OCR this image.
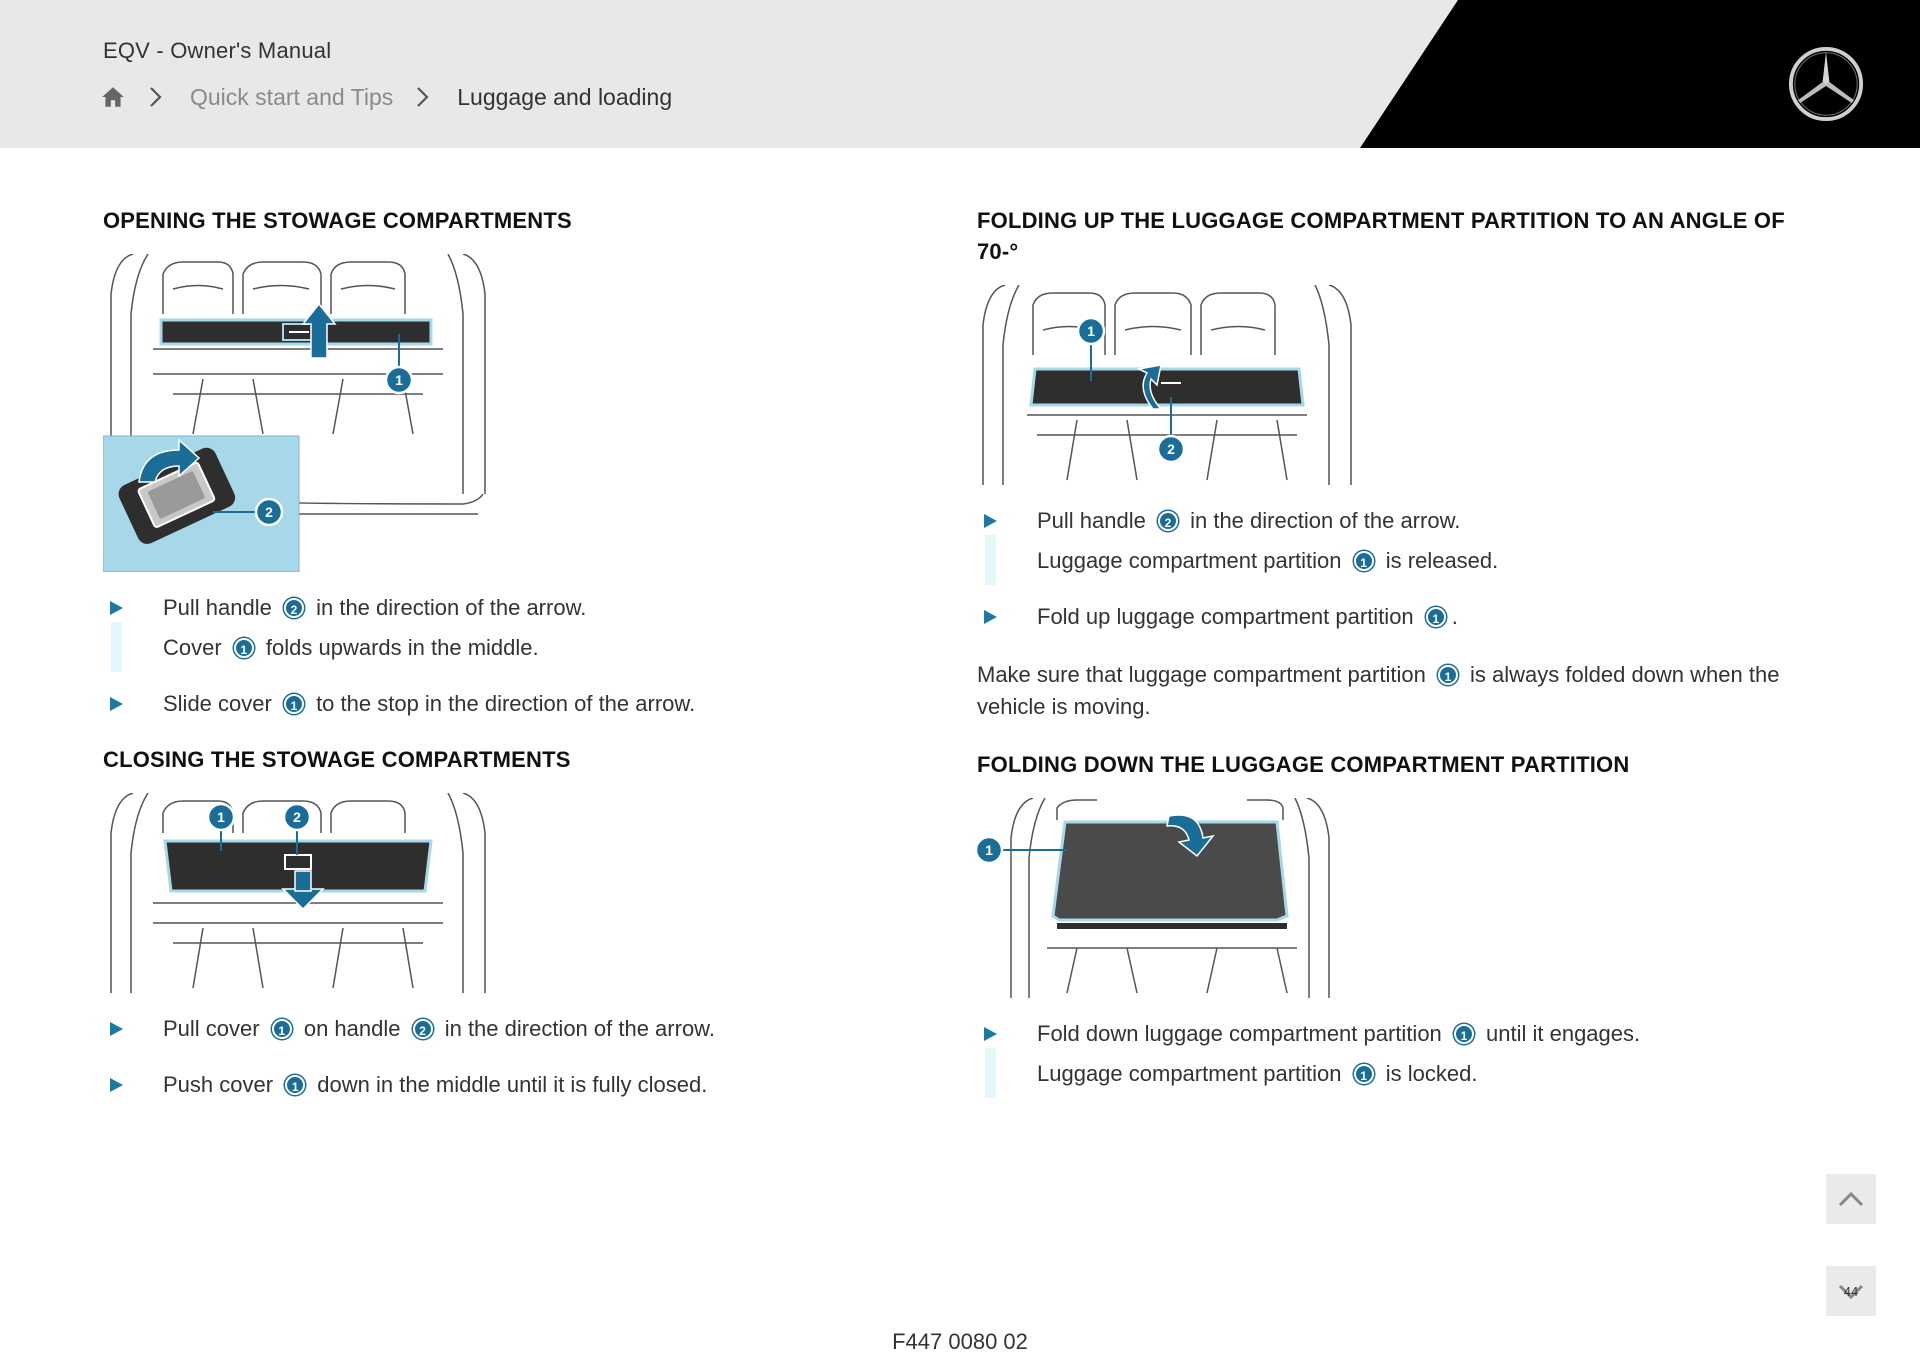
EQV - Owner's Manual
Quick start and Tips	Luggage and loading
OPENING THE STOWAGE COMPARTMENTS
1
2
Pull handle 2 in the direction of the arrow.
Cover 1 folds upwards in the middle.
Slide cover 1 to the stop in the direction of the arrow.
CLOSING THE STOWAGE COMPARTMENTS
1	2
Pull cover 1 on handle 2 in the direction of the arrow.
Push cover 1 down in the middle until it is fully closed.
FOLDING UP THE LUGGAGE COMPARTMENT PARTITION TO AN ANGLE OF 70-°
1
2
Pull handle 2 in the direction of the arrow.
Luggage compartment partition 1 is released.
Fold up luggage compartment partition 1 .
Make sure that luggage compartment partition 1 is always folded down when the vehicle is moving.
FOLDING DOWN THE LUGGAGE COMPARTMENT PARTITION
1
Fold down luggage compartment partition 1 until it engages.
Luggage compartment partition 1 is locked.
44
F447 0080 02
